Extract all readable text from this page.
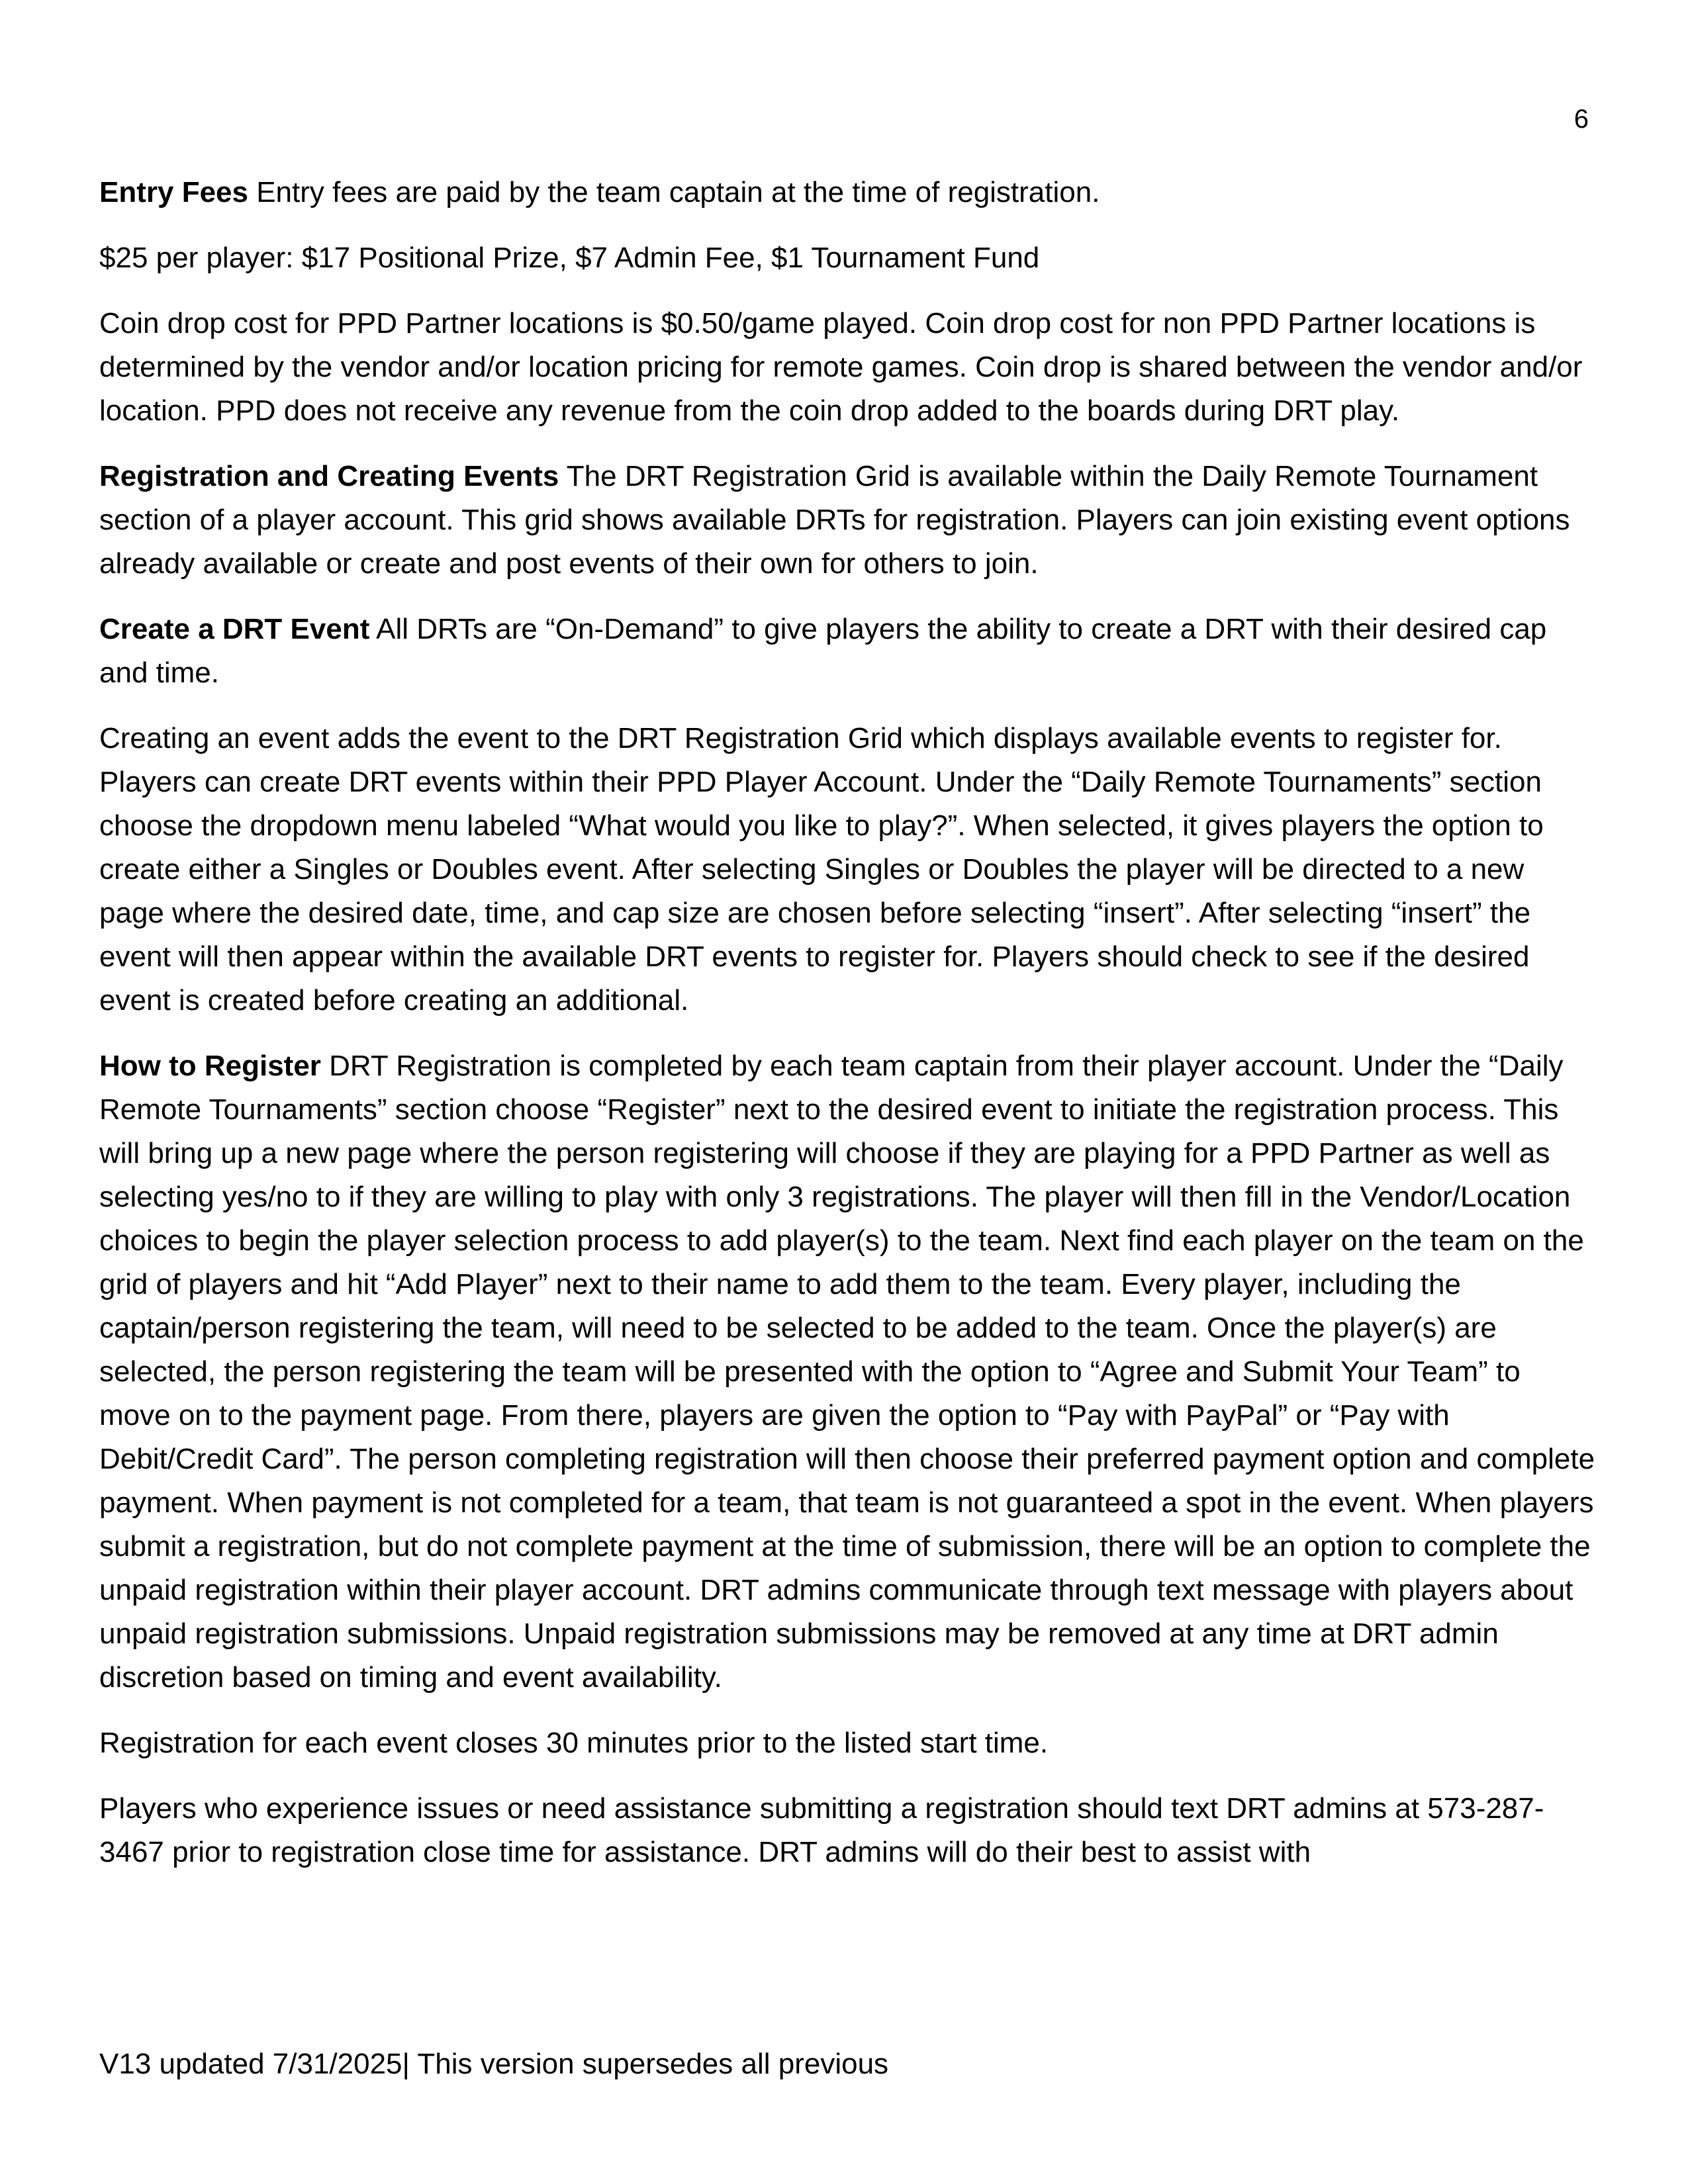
6

Entry Fees Entry fees are paid by the team captain at the time of registration.

$25 per player: $17 Positional Prize, $7 Admin Fee, $1 Tournament Fund

Coin drop cost for PPD Partner locations is $0.50/game played. Coin drop cost for non PPD Partner locations is determined by the vendor and/or location pricing for remote games. Coin drop is shared between the vendor and/or location. PPD does not receive any revenue from the coin drop added to the boards during DRT play.

Registration and Creating Events The DRT Registration Grid is available within the Daily Remote Tournament section of a player account. This grid shows available DRTs for registration. Players can join existing event options already available or create and post events of their own for others to join.

Create a DRT Event All DRTs are “On-Demand” to give players the ability to create a DRT with their desired cap and time.

Creating an event adds the event to the DRT Registration Grid which displays available events to register for. Players can create DRT events within their PPD Player Account. Under the “Daily Remote Tournaments” section choose the dropdown menu labeled “What would you like to play?”. When selected, it gives players the option to create either a Singles or Doubles event. After selecting Singles or Doubles the player will be directed to a new page where the desired date, time, and cap size are chosen before selecting “insert”. After selecting “insert” the event will then appear within the available DRT events to register for. Players should check to see if the desired event is created before creating an additional.

How to Register DRT Registration is completed by each team captain from their player account. Under the “Daily Remote Tournaments” section choose “Register” next to the desired event to initiate the registration process. This will bring up a new page where the person registering will choose if they are playing for a PPD Partner as well as selecting yes/no to if they are willing to play with only 3 registrations. The player will then fill in the Vendor/Location choices to begin the player selection process to add player(s) to the team. Next find each player on the team on the grid of players and hit “Add Player” next to their name to add them to the team. Every player, including the captain/person registering the team, will need to be selected to be added to the team. Once the player(s) are selected, the person registering the team will be presented with the option to “Agree and Submit Your Team” to move on to the payment page. From there, players are given the option to “Pay with PayPal” or “Pay with Debit/Credit Card”. The person completing registration will then choose their preferred payment option and complete payment. When payment is not completed for a team, that team is not guaranteed a spot in the event. When players submit a registration, but do not complete payment at the time of submission, there will be an option to complete the unpaid registration within their player account. DRT admins communicate through text message with players about unpaid registration submissions. Unpaid registration submissions may be removed at any time at DRT admin discretion based on timing and event availability.

Registration for each event closes 30 minutes prior to the listed start time.

Players who experience issues or need assistance submitting a registration should text DRT admins at 573-287-3467 prior to registration close time for assistance. DRT admins will do their best to assist with

V13 updated 7/31/2025| This version supersedes all previous
